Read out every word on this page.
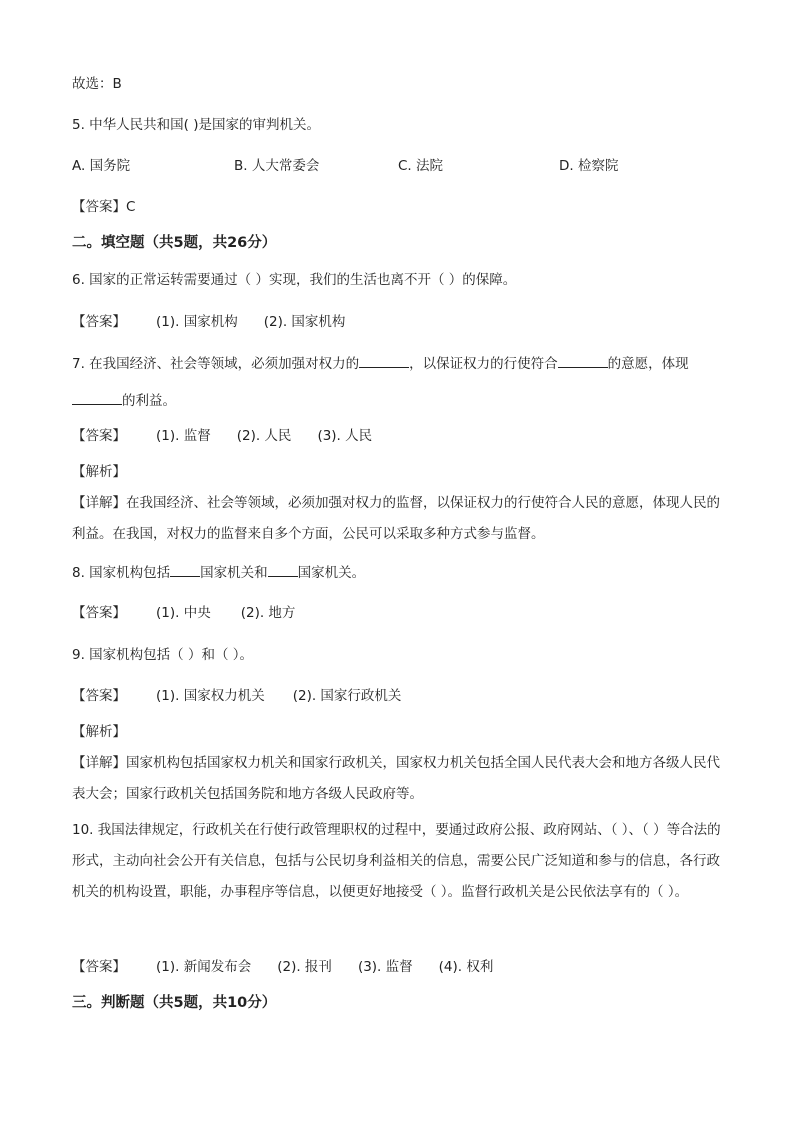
故选：B
5. 中华人民共和国( )是国家的审判机关。
A. 国务院	B. 人大常委会	C. 法院	D. 检察院
【答案】C
二。填空题（共5题，共26分）
6. 国家的正常运转需要通过（ ）实现，我们的生活也离不开（ ）的保障。
【答案】 (1). 国家机构 (2). 国家机构
7. 在我国经济、社会等领域，必须加强对权力的	，以保证权力的行使符合	的意愿，体现
的利益。
【答案】 (1). 监督 (2). 人民 (3). 人民
【解析】
【详解】在我国经济、社会等领域，必须加强对权力的监督，以保证权力的行使符合人民的意愿，体现人民的利益。在我国，对权力的监督来自多个方面，公民可以采取多种方式参与监督。
8. 国家机构包括 国家机关和 国家机关。
【答案】 (1). 中央 (2). 地方
9. 国家机构包括（ ）和（ ）。
【答案】 (1). 国家权力机关 (2). 国家行政机关
【解析】
【详解】国家机构包括国家权力机关和国家行政机关，国家权力机关包括全国人民代表大会和地方各级人民代表大会；国家行政机关包括国务院和地方各级人民政府等。
10. 我国法律规定，行政机关在行使行政管理职权的过程中，要通过政府公报、政府网站、（ ）、（ ）等合法的形式，主动向社会公开有关信息，包括与公民切身利益相关的信息，需要公民广泛知道和参与的信息，各行政机关的机构设置，职能，办事程序等信息，以便更好地接受（ ）。监督行政机关是公民依法享有的（ ）。
【答案】 (1). 新闻发布会 (2). 报刊 (3). 监督 (4). 权利
三。判断题（共5题，共10分）
